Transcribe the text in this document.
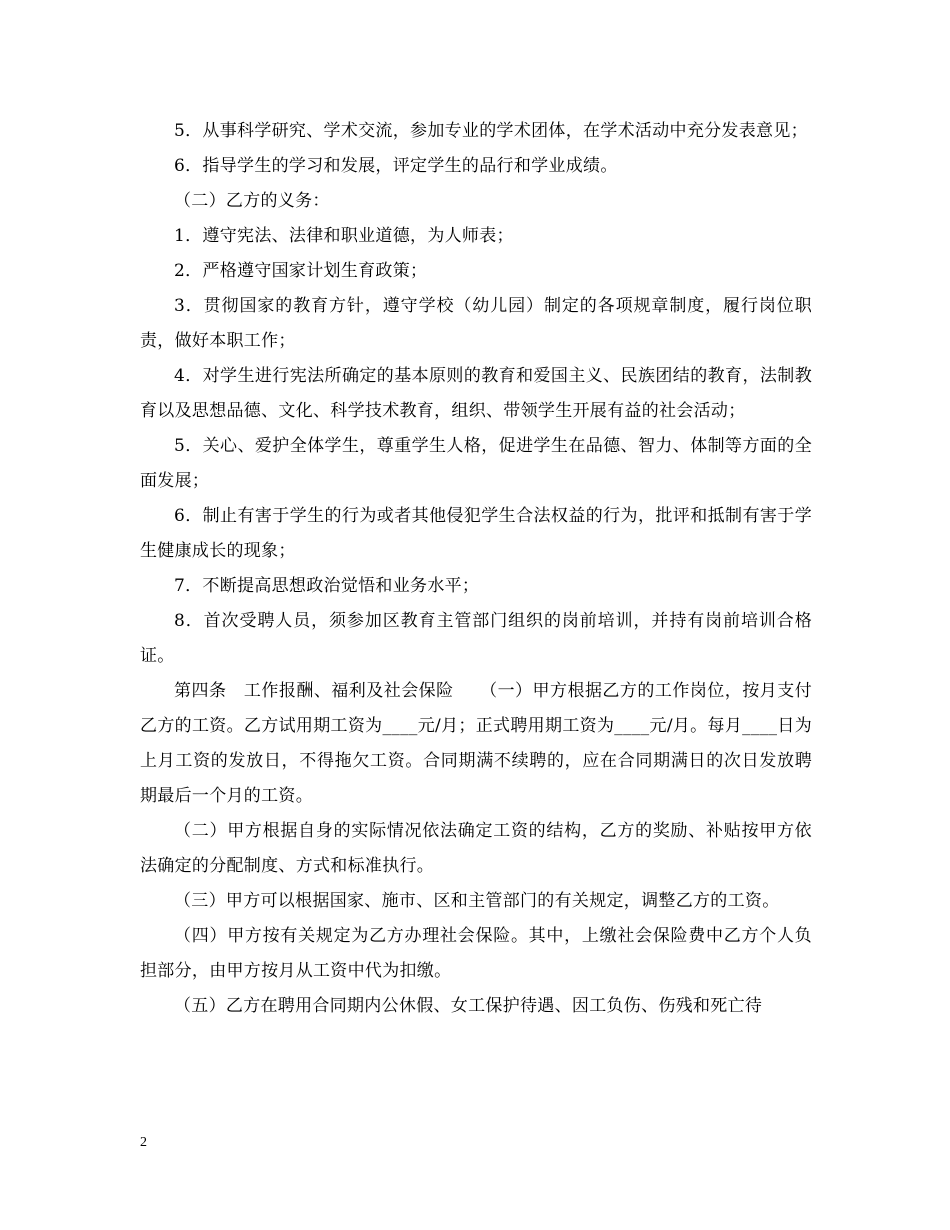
5．从事科学研究、学术交流，参加专业的学术团体，在学术活动中充分发表意见；

6．指导学生的学习和发展，评定学生的品行和学业成绩。

（二）乙方的义务：

1．遵守宪法、法律和职业道德，为人师表；

2．严格遵守国家计划生育政策；

3．贯彻国家的教育方针，遵守学校（幼儿园）制定的各项规章制度，履行岗位职责，做好本职工作；

4．对学生进行宪法所确定的基本原则的教育和爱国主义、民族团结的教育，法制教育以及思想品德、文化、科学技术教育，组织、带领学生开展有益的社会活动；

5．关心、爱护全体学生，尊重学生人格，促进学生在品德、智力、体制等方面的全面发展；

6．制止有害于学生的行为或者其他侵犯学生合法权益的行为，批评和抵制有害于学生健康成长的现象；

7．不断提高思想政治觉悟和业务水平；

8．首次受聘人员，须参加区教育主管部门组织的岗前培训，并持有岗前培训合格证。

第四条　工作报酬、福利及社会保险　　（一）甲方根据乙方的工作岗位，按月支付乙方的工资。乙方试用期工资为____元/月；正式聘用期工资为____元/月。每月____日为上月工资的发放日，不得拖欠工资。合同期满不续聘的，应在合同期满日的次日发放聘期最后一个月的工资。

（二）甲方根据自身的实际情况依法确定工资的结构，乙方的奖励、补贴按甲方依法确定的分配制度、方式和标准执行。

（三）甲方可以根据国家、施市、区和主管部门的有关规定，调整乙方的工资。

（四）甲方按有关规定为乙方办理社会保险。其中，上缴社会保险费中乙方个人负担部分，由甲方按月从工资中代为扣缴。

（五）乙方在聘用合同期内公休假、女工保护待遇、因工负伤、伤残和死亡待

2
